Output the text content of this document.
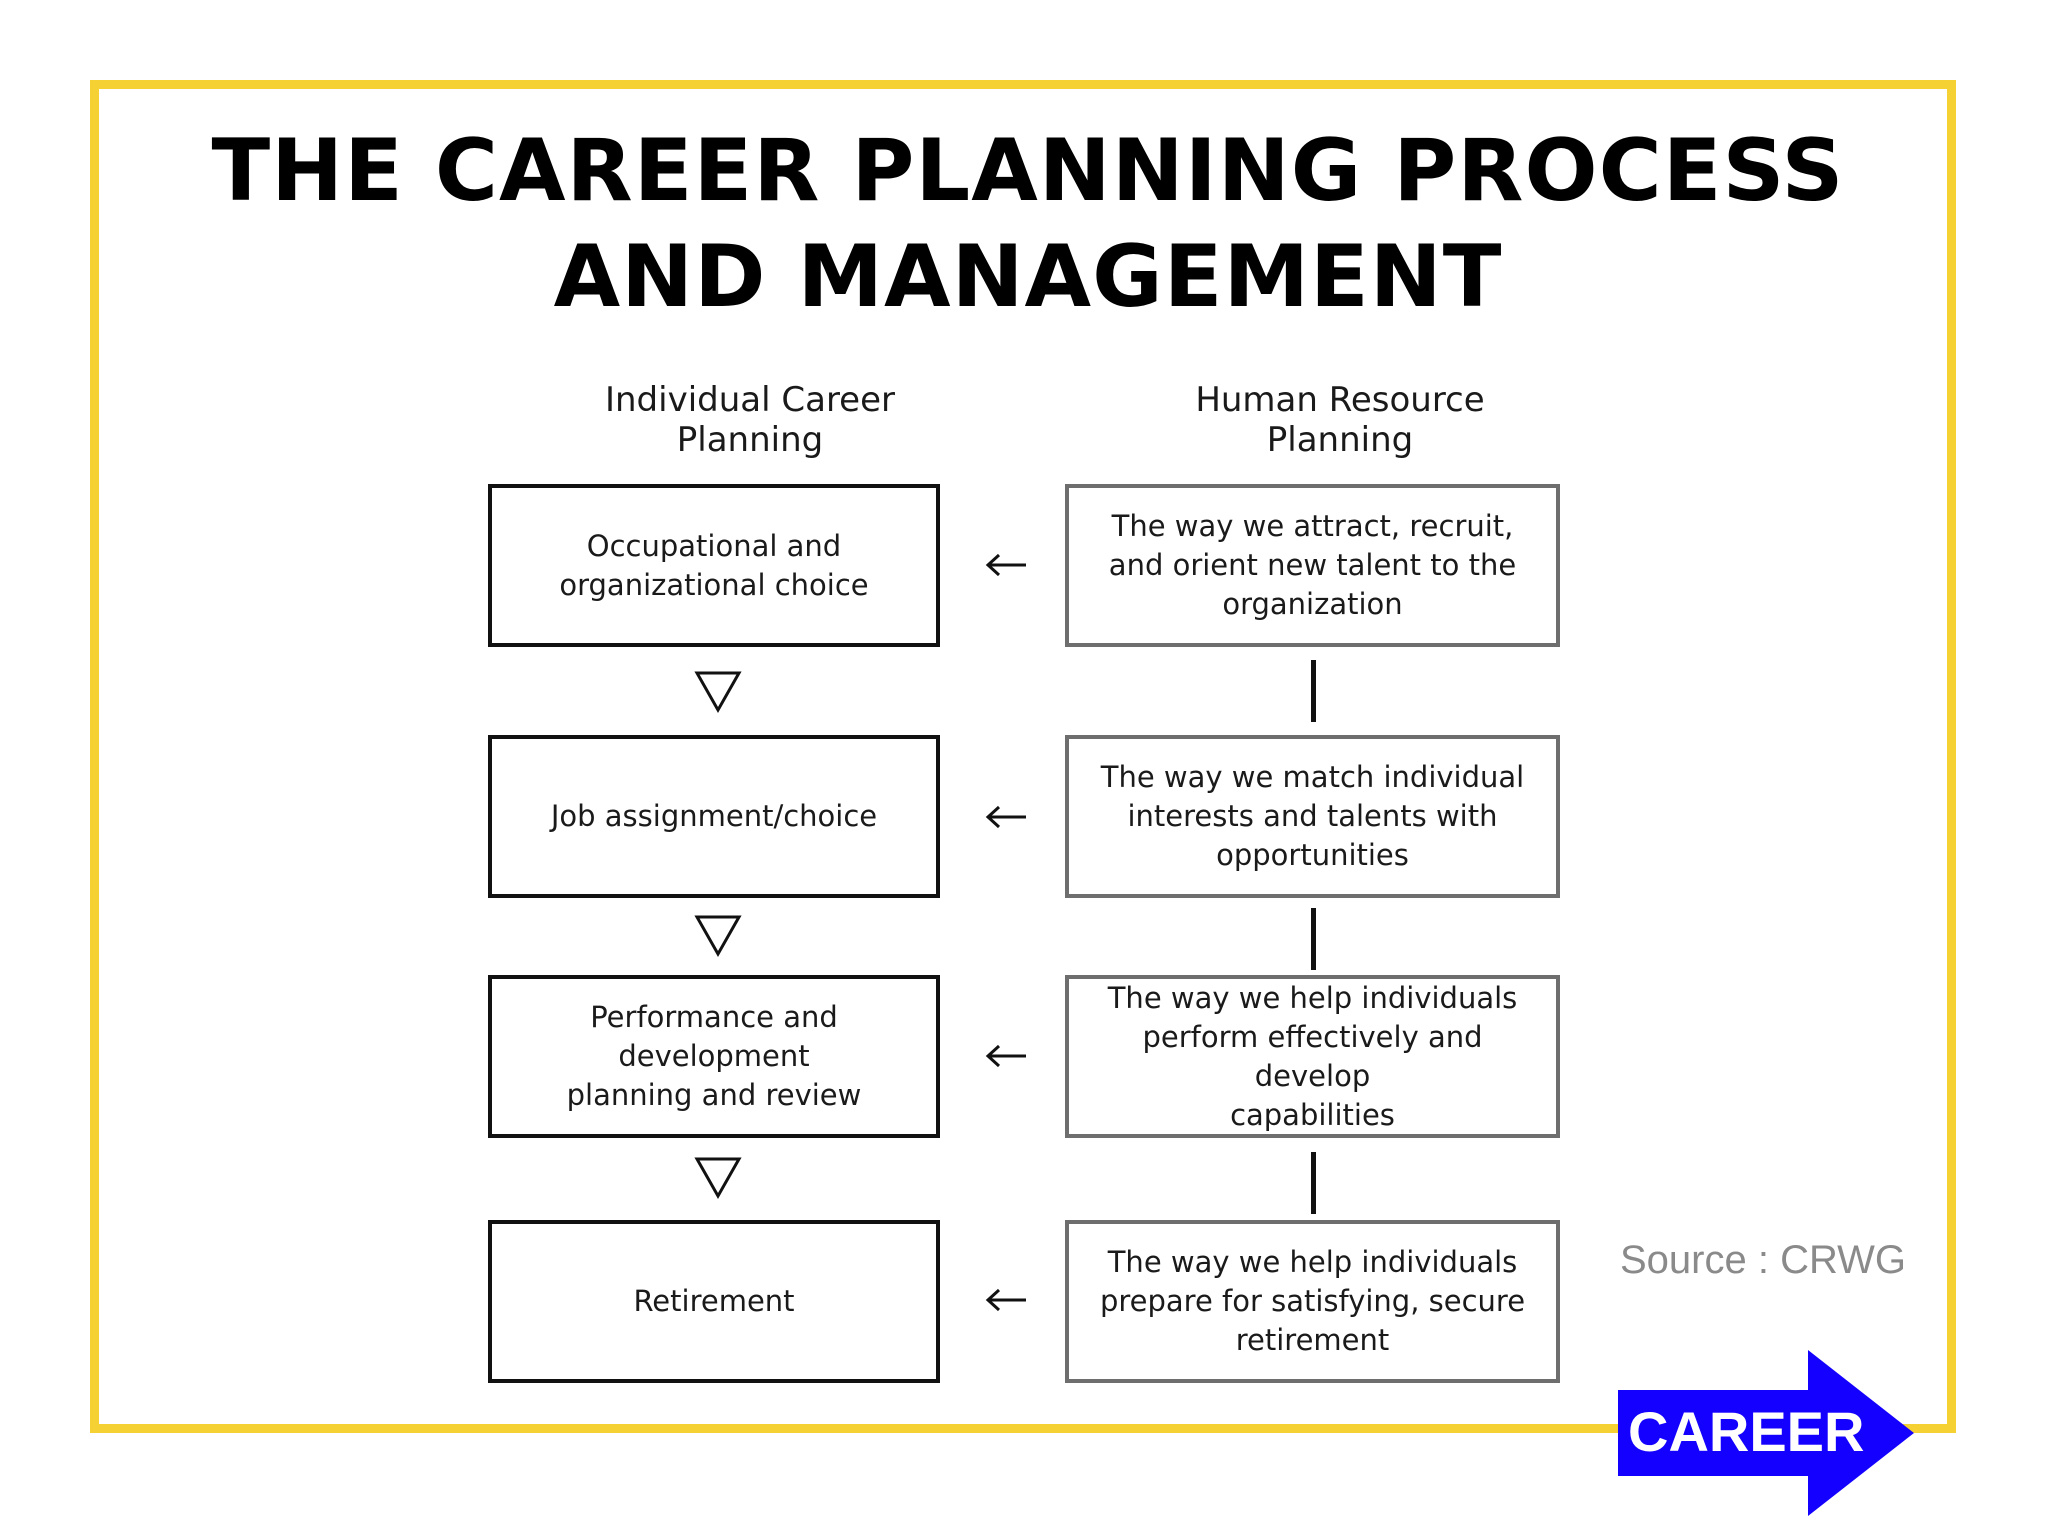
THE CAREER PLANNING PROCESS
AND MANAGEMENT
Individual Career
Planning
Human Resource
Planning
Occupational and
organizational choice
Job assignment/choice
Performance and development
planning and review
Retirement
The way we attract, recruit,
and orient new talent to the
organization
The way we match individual
interests and talents with
opportunities
The way we help individuals
perform effectively and develop
capabilities
The way we help individuals
prepare for satisfying, secure
retirement
Source : CRWG
CAREER
